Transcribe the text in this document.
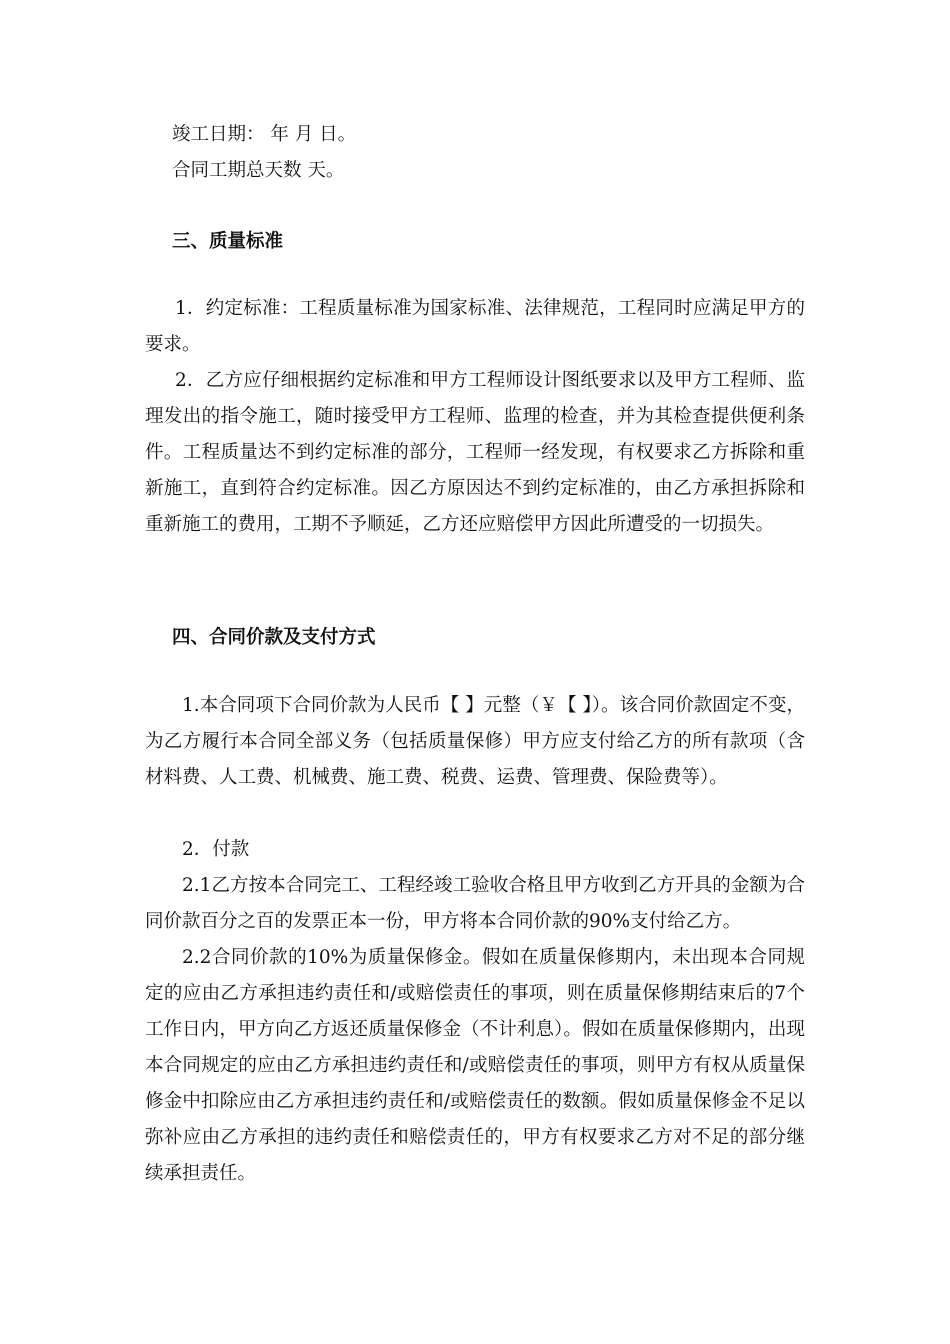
竣工日期： 年 月 日。

合同工期总天数 天。

三、质量标准

1．约定标准：工程质量标准为国家标准、法律规范，工程同时应满足甲方的要求。

2．乙方应仔细根据约定标准和甲方工程师设计图纸要求以及甲方工程师、监理发出的指令施工，随时接受甲方工程师、监理的检查，并为其检查提供便利条件。工程质量达不到约定标准的部分，工程师一经发现，有权要求乙方拆除和重新施工，直到符合约定标准。因乙方原因达不到约定标准的，由乙方承担拆除和重新施工的费用，工期不予顺延，乙方还应赔偿甲方因此所遭受的一切损失。

四、合同价款及支付方式

1.本合同项下合同价款为人民币【 】元整（￥【 】）。该合同价款固定不变，为乙方履行本合同全部义务（包括质量保修）甲方应支付给乙方的所有款项（含材料费、人工费、机械费、施工费、税费、运费、管理费、保险费等）。

2．付款

2.1乙方按本合同完工、工程经竣工验收合格且甲方收到乙方开具的金额为合同价款百分之百的发票正本一份，甲方将本合同价款的90%支付给乙方。

2.2合同价款的10%为质量保修金。假如在质量保修期内，未出现本合同规定的应由乙方承担违约责任和/或赔偿责任的事项，则在质量保修期结束后的7个工作日内，甲方向乙方返还质量保修金（不计利息）。假如在质量保修期内，出现本合同规定的应由乙方承担违约责任和/或赔偿责任的事项，则甲方有权从质量保修金中扣除应由乙方承担违约责任和/或赔偿责任的数额。假如质量保修金不足以弥补应由乙方承担的违约责任和赔偿责任的，甲方有权要求乙方对不足的部分继续承担责任。
